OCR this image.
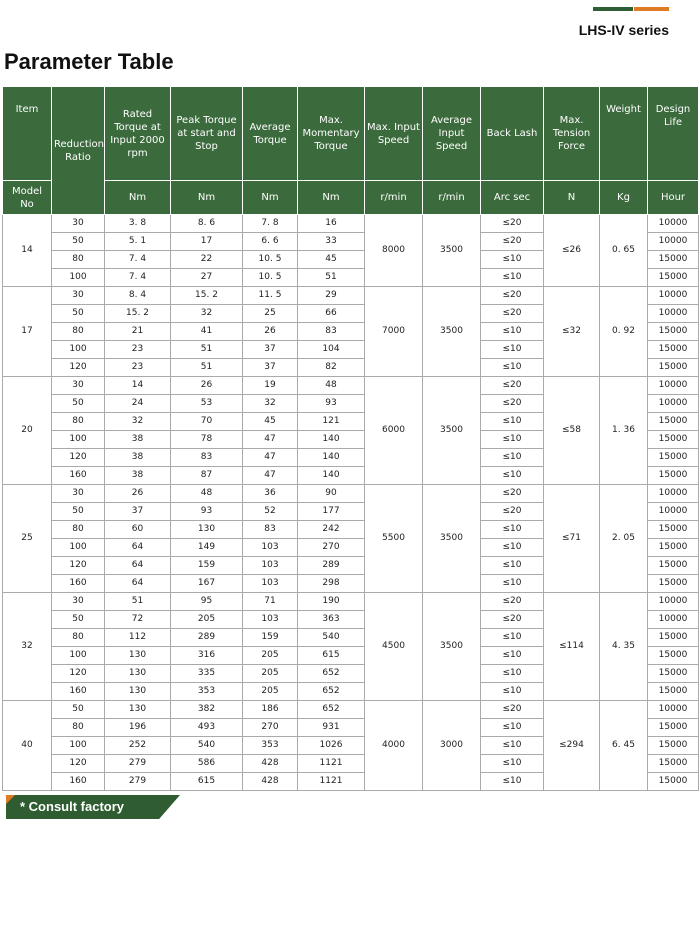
LHS-IV series
Parameter Table
Item	Reduction Ratio	Rated Torque at Input 2000 rpm	Peak Torque at start and Stop	Average Torque	Max. Momentary Torque	Max. Input Speed	Average Input Speed	Back Lash	Max. Tension Force	Weight	Design Life
Model No		Nm	Nm	Nm	Nm	r/min	r/min	Arc sec	N	Kg	Hour
14	30	3. 8	8. 6	7. 8	16	8000	3500	≤20	≤26	0. 65	10000
	50	5. 1	17	6. 6	33			≤20			10000
	80	7. 4	22	10. 5	45			≤10			15000
	100	7. 4	27	10. 5	51			≤10			15000
17	30	8. 4	15. 2	11. 5	29	7000	3500	≤20	≤32	0. 92	10000
	50	15. 2	32	25	66			≤20			10000
	80	21	41	26	83			≤10			15000
	100	23	51	37	104			≤10			15000
	120	23	51	37	82			≤10			15000
20	30	14	26	19	48	6000	3500	≤20	≤58	1. 36	10000
	50	24	53	32	93			≤20			10000
	80	32	70	45	121			≤10			15000
	100	38	78	47	140			≤10			15000
	120	38	83	47	140			≤10			15000
	160	38	87	47	140			≤10			15000
25	30	26	48	36	90	5500	3500	≤20	≤71	2. 05	10000
	50	37	93	52	177			≤20			10000
	80	60	130	83	242			≤10			15000
	100	64	149	103	270			≤10			15000
	120	64	159	103	289			≤10			15000
	160	64	167	103	298			≤10			15000
32	30	51	95	71	190	4500	3500	≤20	≤114	4. 35	10000
	50	72	205	103	363			≤20			10000
	80	112	289	159	540			≤10			15000
	100	130	316	205	615			≤10			15000
	120	130	335	205	652			≤10			15000
	160	130	353	205	652			≤10			15000
40	50	130	382	186	652	4000	3000	≤20	≤294	6. 45	10000
	80	196	493	270	931			≤10			15000
	100	252	540	353	1026			≤10			15000
	120	279	586	428	1121			≤10			15000
	160	279	615	428	1121			≤10			15000
* Consult factory
